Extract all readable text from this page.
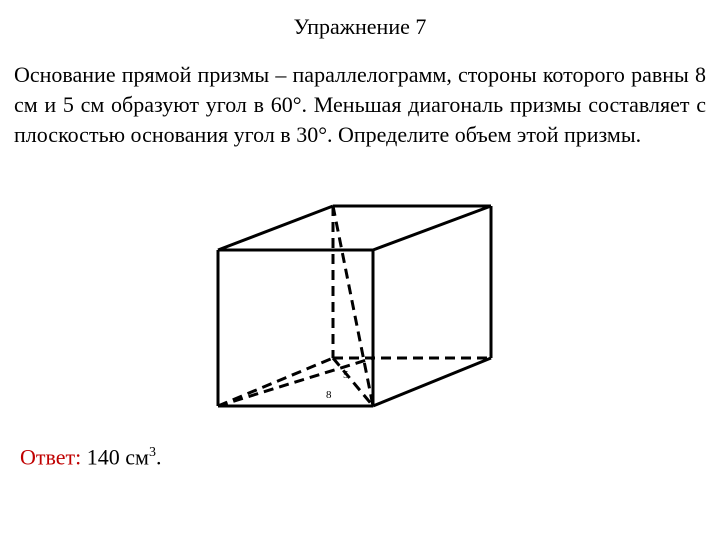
Упражнение 7
Основание прямой призмы – параллелограмм, стороны которого равны 8 см и 5 см образуют угол в 60°. Меньшая диагональ призмы составляет с плоскостью основания угол в 30°. Определите объем этой призмы.
5
8
Ответ: 140 $см^3$.
